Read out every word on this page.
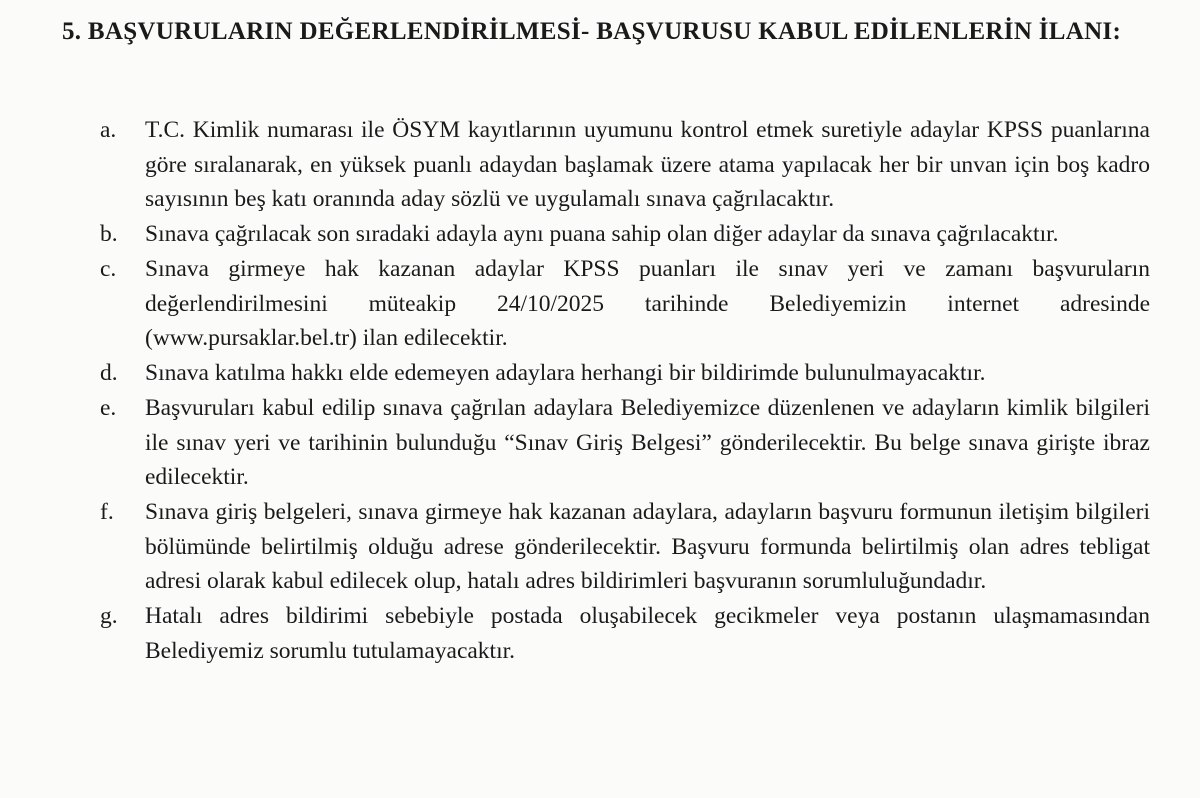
5. BAŞVURULARIN DEĞERLENDİRİLMESİ- BAŞVURUSU KABUL EDİLENLERİN İLANI:
a. T.C. Kimlik numarası ile ÖSYM kayıtlarının uyumunu kontrol etmek suretiyle adaylar KPSS puanlarına göre sıralanarak, en yüksek puanlı adaydan başlamak üzere atama yapılacak her bir unvan için boş kadro sayısının beş katı oranında aday sözlü ve uygulamalı sınava çağrılacaktır.
b. Sınava çağrılacak son sıradaki adayla aynı puana sahip olan diğer adaylar da sınava çağrılacaktır.
c. Sınava girmeye hak kazanan adaylar KPSS puanları ile sınav yeri ve zamanı başvuruların değerlendirilmesini müteakip 24/10/2025 tarihinde Belediyemizin internet adresinde (www.pursaklar.bel.tr) ilan edilecektir.
d. Sınava katılma hakkı elde edemeyen adaylara herhangi bir bildirimde bulunulmayacaktır.
e. Başvuruları kabul edilip sınava çağrılan adaylara Belediyemizce düzenlenen ve adayların kimlik bilgileri ile sınav yeri ve tarihinin bulunduğu “Sınav Giriş Belgesi” gönderilecektir. Bu belge sınava girişte ibraz edilecektir.
f. Sınava giriş belgeleri, sınava girmeye hak kazanan adaylara, adayların başvuru formunun iletişim bilgileri bölümünde belirtilmiş olduğu adrese gönderilecektir. Başvuru formunda belirtilmiş olan adres tebligat adresi olarak kabul edilecek olup, hatalı adres bildirimleri başvuranın sorumluluğundadır.
g. Hatalı adres bildirimi sebebiyle postada oluşabilecek gecikmeler veya postanın ulaşmamasından Belediyemiz sorumlu tutulamayacaktır.
